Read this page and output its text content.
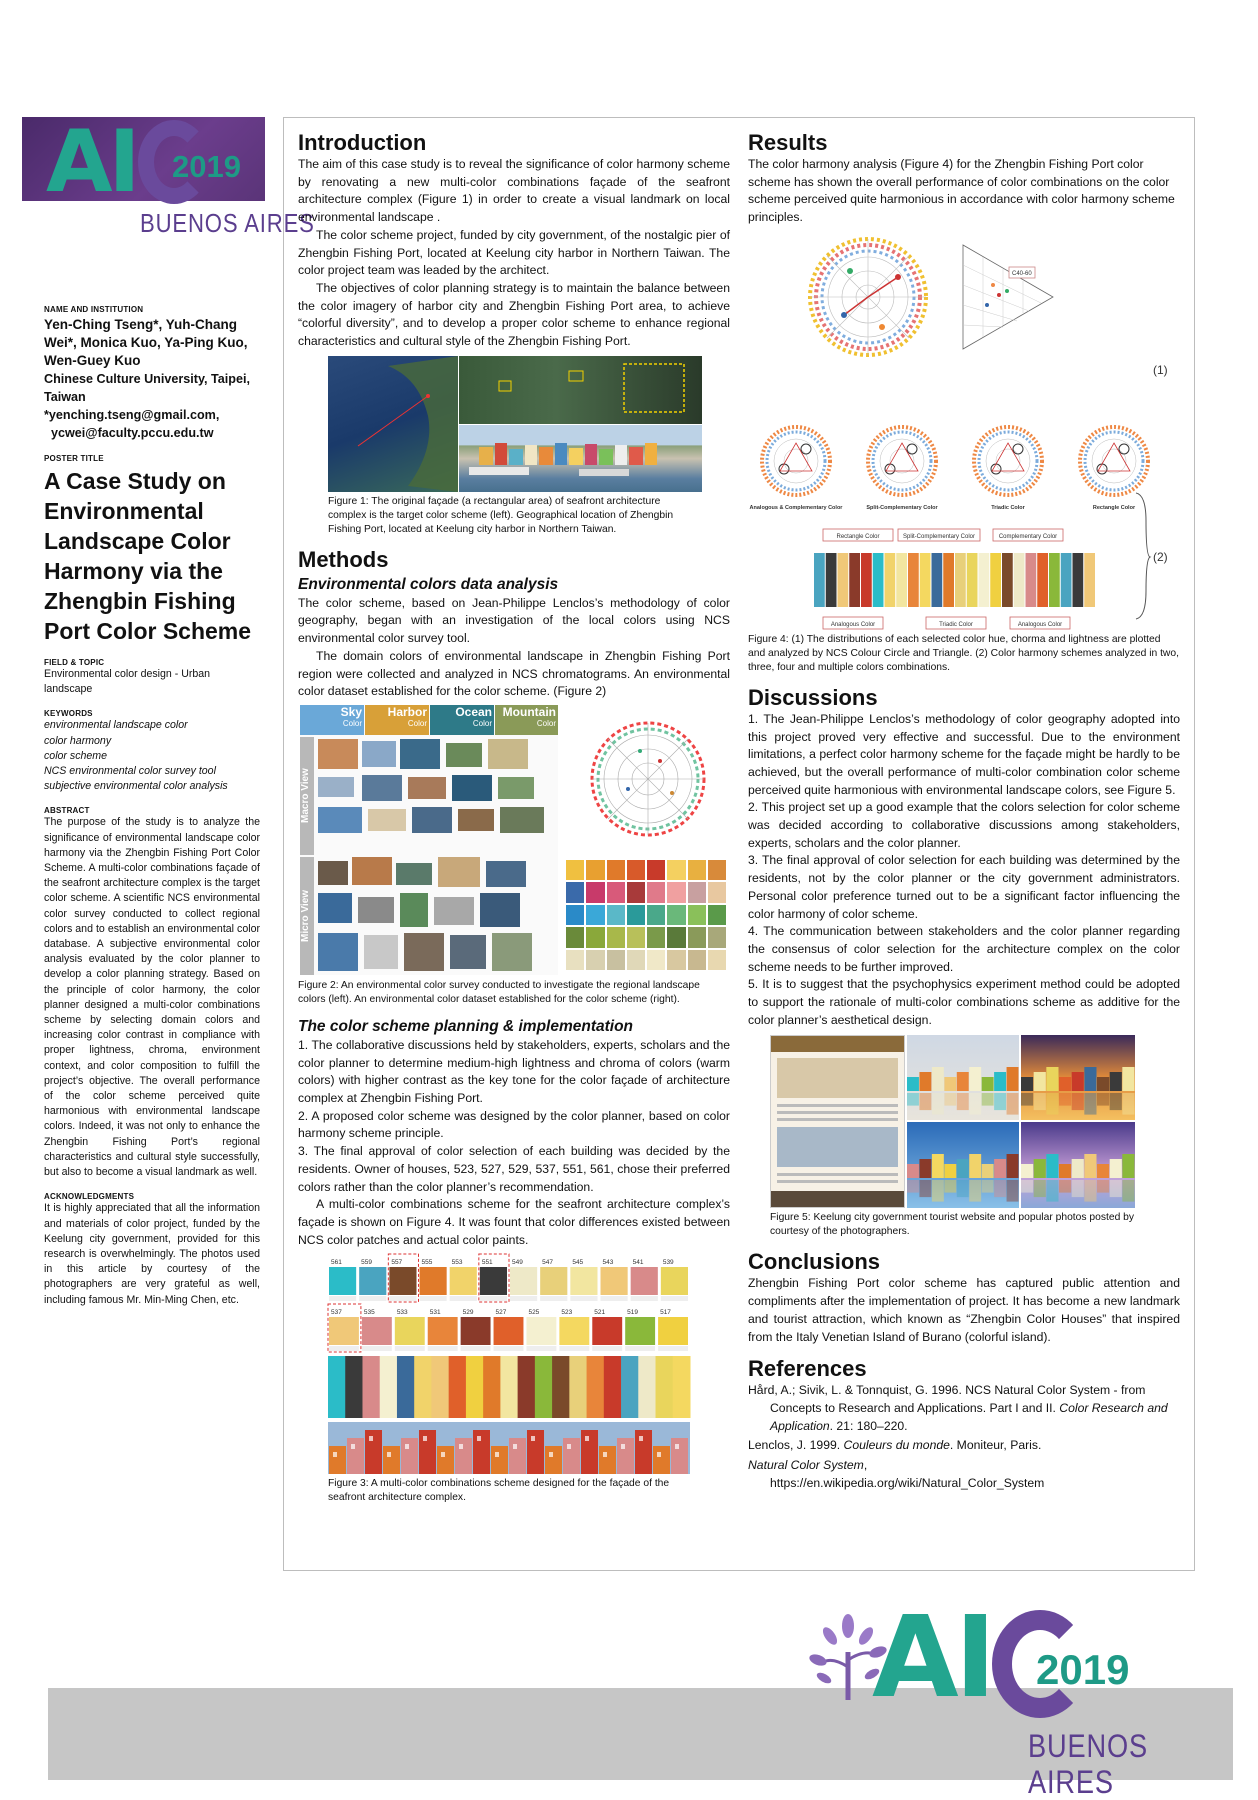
AI 2019
BUENOS AIRES
NAME AND INSTITUTION
Yen-Ching Tseng*, Yuh-Chang Wei*, Monica Kuo, Ya-Ping Kuo, Wen-Guey Kuo
Chinese Culture University, Taipei, Taiwan
*yenching.tseng@gmail.com,
ycwei@faculty.pccu.edu.tw
POSTER TITLE
A Case Study on Environmental Landscape Color Harmony via the Zhengbin Fishing Port Color Scheme
FIELD & TOPIC
Environmental color design - Urban landscape
KEYWORDS
environmental landscape color
color harmony
color scheme
NCS environmental color survey tool
subjective environmental color analysis
ABSTRACT
The purpose of the study is to analyze the significance of environmental landscape color harmony via the Zhengbin Fishing Port Color Scheme. A multi-color combinations façade of the seafront architecture complex is the target color scheme. A scientific NCS environmental color survey conducted to collect regional colors and to establish an environmental color database. A subjective environmental color analysis evaluated by the color planner to develop a color planning strategy. Based on the principle of color harmony, the color planner designed a multi-color combinations scheme by selecting domain colors and increasing color contrast in compliance with proper lightness, chroma, environment context, and color composition to fulfill the project’s objective. The overall performance of the color scheme perceived quite harmonious with environmental landscape colors. Indeed, it was not only to enhance the Zhengbin Fishing Port’s regional characteristics and cultural style successfully, but also to become a visual landmark as well.
ACKNOWLEDGMENTS
It is highly appreciated that all the information and materials of color project, funded by the Keelung city government, provided for this research is overwhelmingly. The photos used in this article by courtesy of the photographers are very grateful as well, including famous Mr. Min-Ming Chen, etc.
Introduction
The aim of this case study is to reveal the significance of color harmony scheme by renovating a new multi-color combinations façade of the seafront architecture complex (Figure 1) in order to create a visual landmark on local environmental landscape .
The color scheme project, funded by city government, of the nostalgic pier of Zhengbin Fishing Port, located at Keelung city harbor in Northern Taiwan. The color project team was leaded by the architect.
The objectives of color planning strategy is to maintain the balance between the color imagery of harbor city and Zhengbin Fishing Port area, to achieve “colorful diversity”, and to develop a proper color scheme to enhance regional characteristics and cultural style of the Zhengbin Fishing Port.
Figure 1: The original façade (a rectangular area) of seafront architecture complex is the target color scheme (left). Geographical location of Zhengbin Fishing Port, located at Keelung city harbor in Northern Taiwan.
Methods
Environmental colors data analysis
The color scheme, based on Jean-Philippe Lenclos’s methodology of color geography, began with an investigation of the local colors using NCS environmental color survey tool.
The domain colors of environmental landscape in Zhengbin Fishing Port region were collected and analyzed in NCS chromatograms. An environmental color dataset established for the color scheme. (Figure 2)
Sky
Color
Harbor
Color
Ocean
Color
Mountain
Color
Macro View
Micro View
Figure 2: An environmental color survey conducted to investigate the regional landscape colors (left). An environmental color dataset established for the color scheme (right).
The color scheme planning & implementation
1. The collaborative discussions held by stakeholders, experts, scholars and the color planner to determine medium-high lightness and chroma of colors (warm colors) with higher contrast as the key tone for the color façade of architecture complex at Zhengbin Fishing Port.
2. A proposed color scheme was designed by the color planner, based on color harmony scheme principle.
3. The final approval of color selection of each building was decided by the residents. Owner of houses, 523, 527, 529, 537, 551, 561, chose their preferred colors rather than the color planner’s recommendation.
A multi-color combinations scheme for the seafront architecture complex’s façade is shown on Figure 4. It was fount that color differences existed between NCS color patches and actual color paints.
561	559	557	555	553	551	549	547	545	543	541	539
537	535	533	531	529	527	525	523	521	519	517
Figure 3: A multi-color combinations scheme designed for the façade of the seafront architecture complex.
Results
The color harmony analysis (Figure 4) for the Zhengbin Fishing Port color scheme has shown the overall performance of color combinations on the color scheme perceived quite harmonious in accordance with color harmony scheme principles.
C40-60
(1)
Analogous & Complementary Color	Split-Complementary Color	Triadic Color	Rectangle Color
Rectangle Color	Split-Complementary Color	Complementary Color
Analogous Color	Triadic Color	Analogous Color
(2)
Figure 4: (1) The distributions of each selected color hue, chorma and lightness are plotted and analyzed by NCS Colour Circle and Triangle. (2) Color harmony schemes analyzed in two, three, four and multiple colors combinations.
Discussions
1. The Jean-Philippe Lenclos’s methodology of color geography adopted into this project proved very effective and successful. Due to the environment limitations, a perfect color harmony scheme for the façade might be hardly to be achieved, but the overall performance of multi-color combination color scheme perceived quite harmonious with environmental landscape colors, see Figure 5.
2. This project set up a good example that the colors selection for color scheme was decided according to collaborative discussions among stakeholders, experts, scholars and the color planner.
3. The final approval of color selection for each building was determined by the residents, not by the color planner or the city government administrators. Personal color preference turned out to be a significant factor influencing the color harmony of color scheme.
4. The communication between stakeholders and the color planner regarding the consensus of color selection for the architecture complex on the color scheme needs to be further improved.
5. It is to suggest that the psychophysics experiment method could be adopted to support the rationale of multi-color combinations scheme as additive for the color planner’s aesthetical design.
Figure 5: Keelung city government tourist website and popular photos posted by courtesy of the photographers.
Conclusions
Zhengbin Fishing Port color scheme has captured public attention and compliments after the implementation of project. It has become a new landmark and tourist attraction, which known as “Zhengbin Color Houses” that inspired from the Italy Venetian Island of Burano (colorful island).
References
Hård, A.; Sivik, L. & Tonnquist, G. 1996. NCS Natural Color System - from Concepts to Research and Applications. Part I and II. Color Research and Application. 21: 180–220.
Lenclos, J. 1999. Couleurs du monde. Moniteur, Paris.
Natural Color System,
https://en.wikipedia.org/wiki/Natural_Color_System
AI 2019
BUENOS AIRES
